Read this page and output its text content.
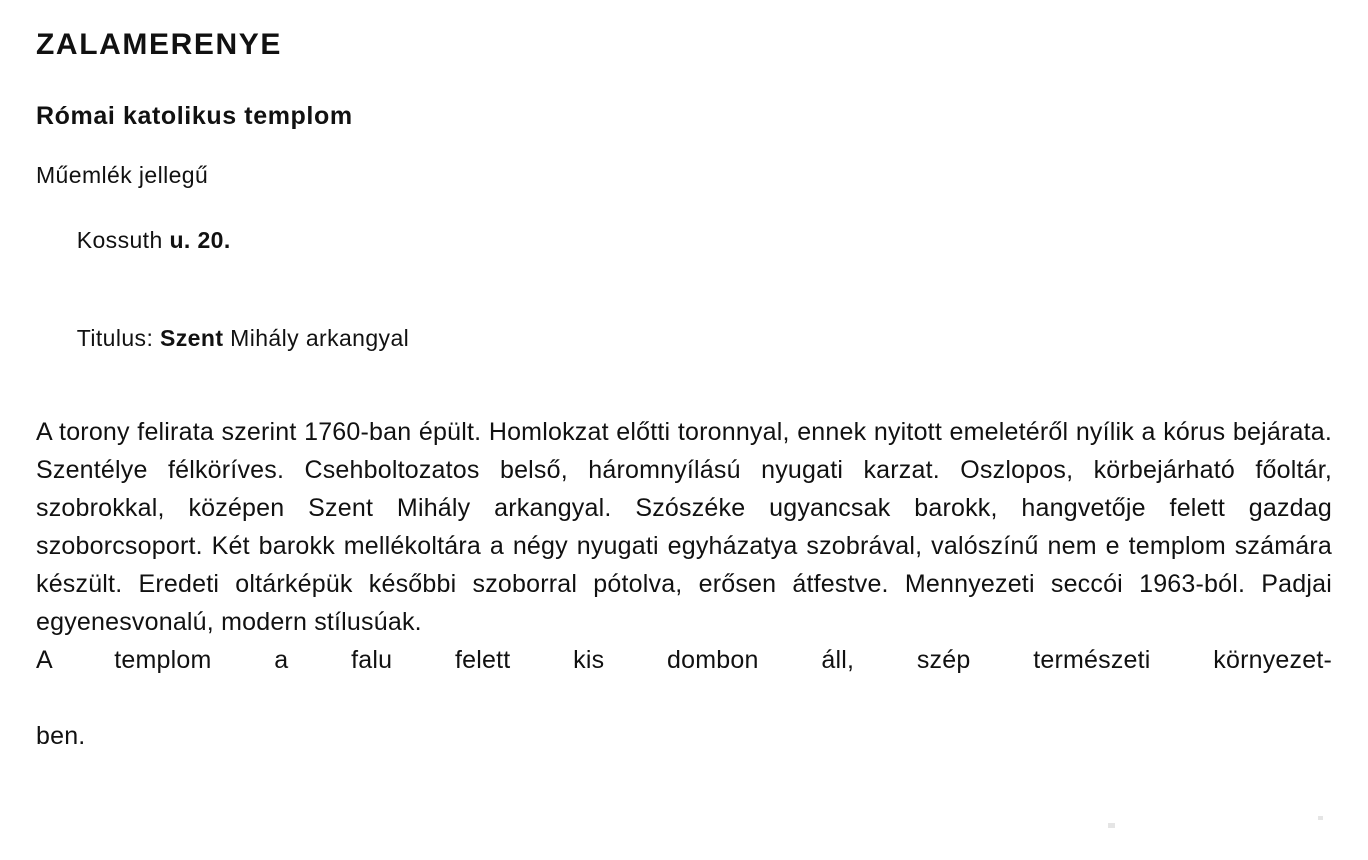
ZALAMERENYE
Római katolikus templom
Műemlék jellegű

Kossuth u. 20.

Titulus: Szent Mihály arkangyal

A torony felirata szerint 1760-ban épült. Homlokzat előtti toronnyal, ennek nyitott emeletéről nyílik a kórus bejárata. Szentélye félköríves. Csehboltozatos belső, háromnyílású nyugati karzat. Oszlopos, körbejárható főoltár, szobrokkal, középen Szent Mihály arkangyal. Szószéke ugyancsak barokk, hangvetője felett gazdag szoborcsoport. Két barokk mellékoltára a négy nyugati egyházatya szobrával, valószínű nem e templom számára készült. Eredeti oltárképük későbbi szoborral pótolva, erősen átfestve. Mennyezeti seccói 1963-ból. Padjai egyenesvonalú, modern stílusúak.

A templom a falu felett kis dombon áll, szép természeti környezet-

ben.
